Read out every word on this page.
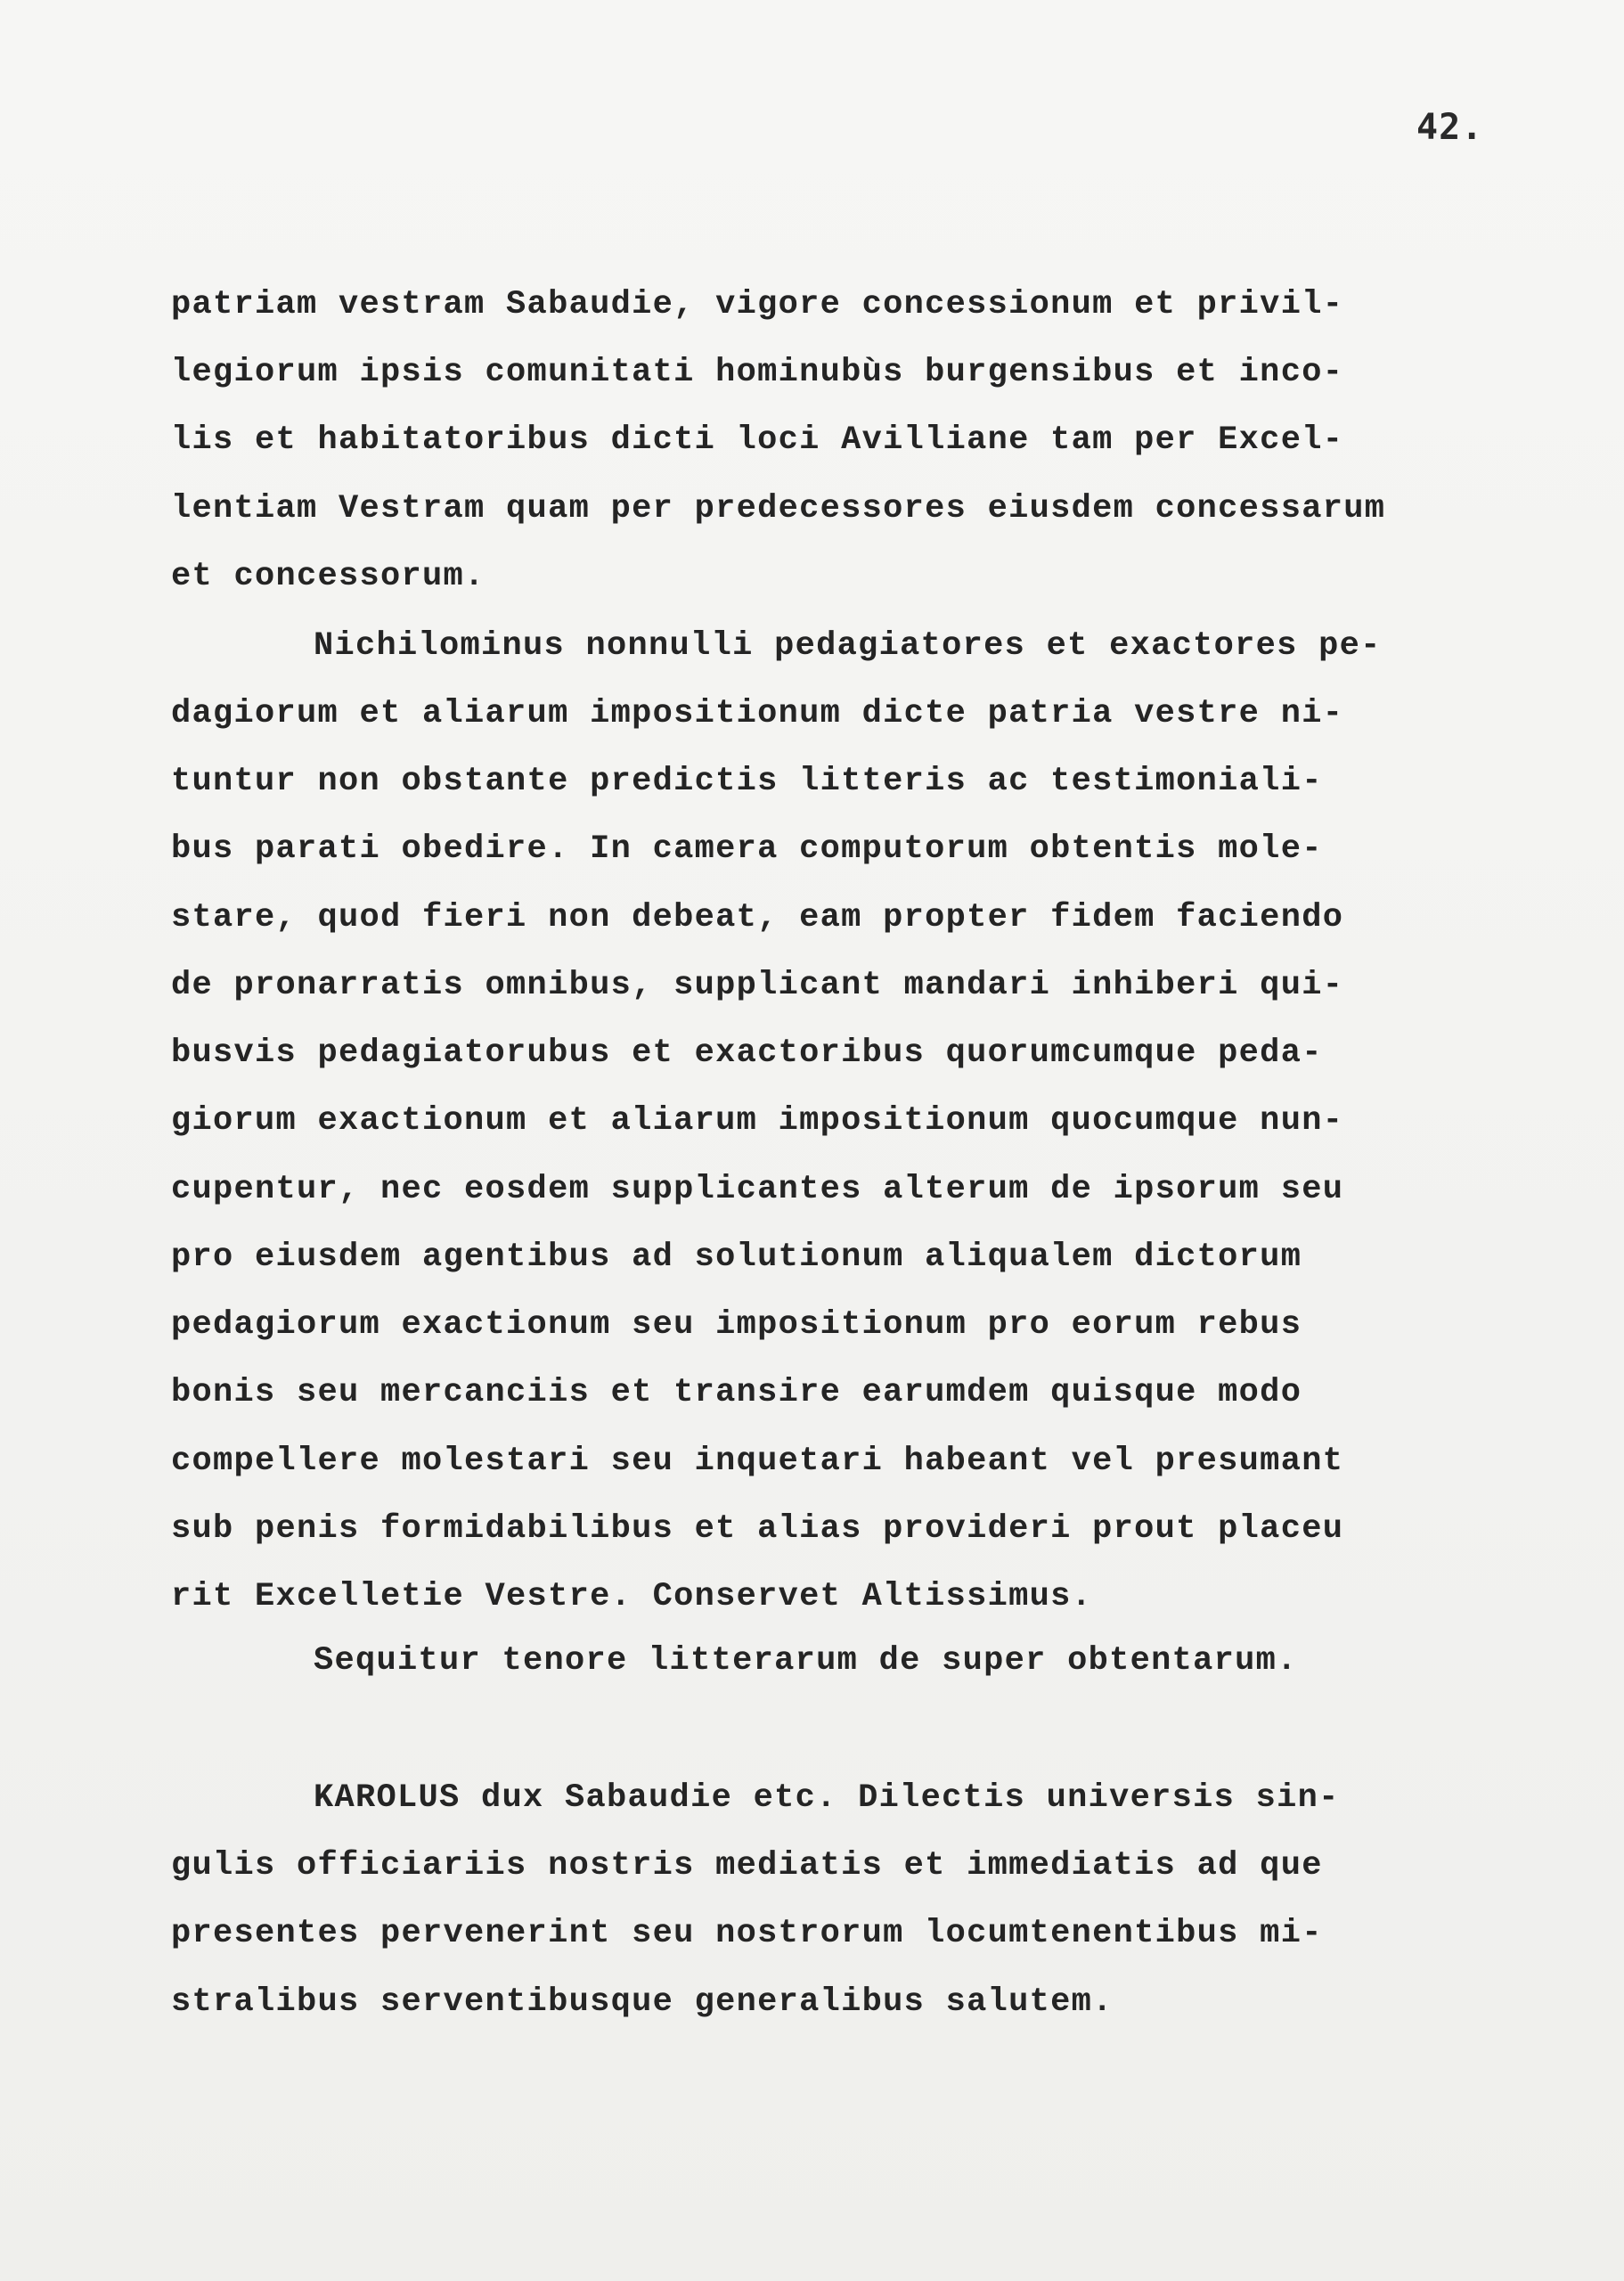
42.
patriam vestram Sabaudie, vigore concessionum et privil-
legiorum ipsis comunitati hominubùs burgensibus et inco-
lis et habitatoribus dicti loci Avilliane tam per Excel-
lentiam Vestram quam per predecessores eiusdem concessarum
et concessorum.
Nichilominus nonnulli pedagiatores et exactores pe-
dagiorum et aliarum impositionum dicte patria vestre ni-
tuntur non obstante predictis litteris ac testimoniali-
bus parati obedire. In camera computorum obtentis mole-
stare, quod fieri non debeat, eam propter fidem faciendo
de pronarratis omnibus, supplicant mandari inhiberi qui-
busvis pedagiatorubus et exactoribus quorumcumque peda-
giorum exactionum et aliarum impositionum quocumque nun-
cupentur, nec eosdem supplicantes alterum de ipsorum seu
pro eiusdem agentibus ad solutionum aliqualem dictorum
pedagiorum exactionum seu impositionum pro eorum rebus
bonis seu mercanciis et transire earumdem quisque modo
compellere molestari seu inquetari habeant vel presumant
sub penis formidabilibus et alias provideri prout placeu
rit Excelletie Vestre. Conservet Altissimus.
Sequitur tenore litterarum de super obtentarum.
KAROLUS dux Sabaudie etc. Dilectis universis sin-
gulis officiariis nostris mediatis et immediatis ad que
presentes pervenerint seu nostrorum locumtenentibus mi-
stralibus serventibusque generalibus salutem.
